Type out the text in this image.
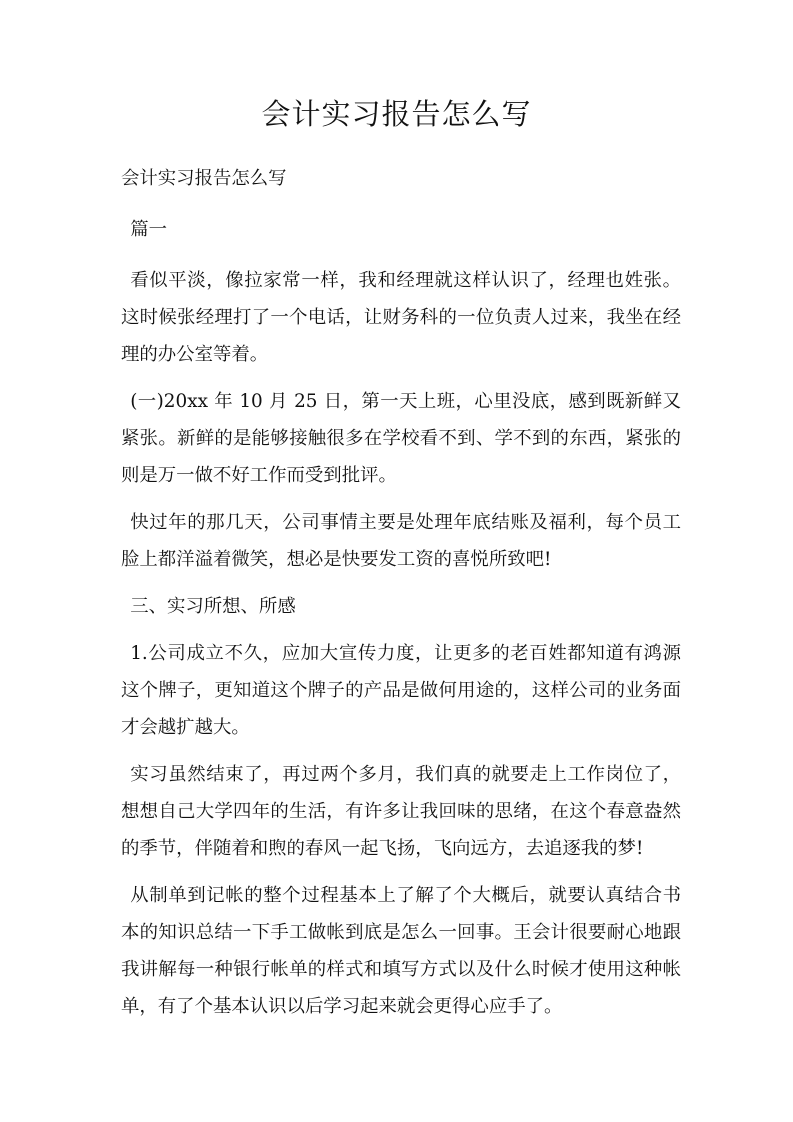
会计实习报告怎么写

会计实习报告怎么写

篇一

看似平淡，像拉家常一样，我和经理就这样认识了，经理也姓张。这时候张经理打了一个电话，让财务科的一位负责人过来，我坐在经理的办公室等着。

(一)20xx 年 10 月 25 日，第一天上班，心里没底，感到既新鲜又紧张。新鲜的是能够接触很多在学校看不到、学不到的东西，紧张的则是万一做不好工作而受到批评。

快过年的那几天，公司事情主要是处理年底结账及福利，每个员工脸上都洋溢着微笑，想必是快要发工资的喜悦所致吧!

三、实习所想、所感

1.公司成立不久，应加大宣传力度，让更多的老百姓都知道有鸿源这个牌子，更知道这个牌子的产品是做何用途的，这样公司的业务面才会越扩越大。

实习虽然结束了，再过两个多月，我们真的就要走上工作岗位了，想想自己大学四年的生活，有许多让我回味的思绪，在这个春意盎然的季节，伴随着和煦的春风一起飞扬，飞向远方，去追逐我的梦!

从制单到记帐的整个过程基本上了解了个大概后，就要认真结合书本的知识总结一下手工做帐到底是怎么一回事。王会计很要耐心地跟我讲解每一种银行帐单的样式和填写方式以及什么时候才使用这种帐单，有了个基本认识以后学习起来就会更得心应手了。
